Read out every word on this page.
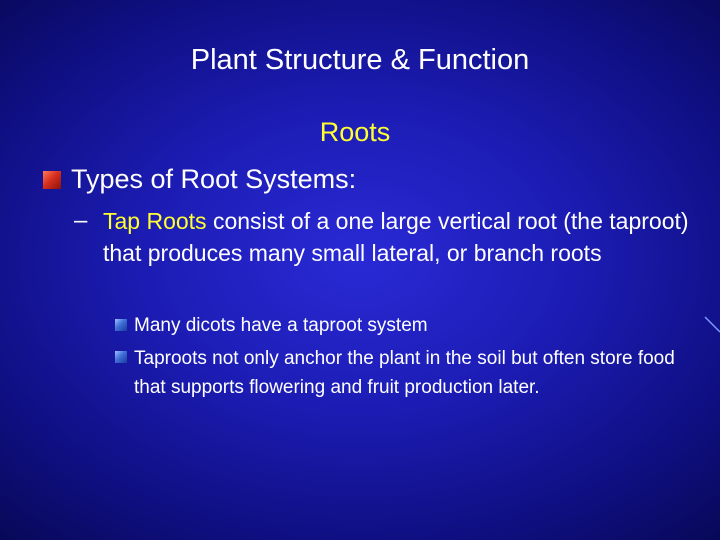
Plant Structure & Function
Roots
Types of Root Systems:
– Tap Roots consist of a one large vertical root (the taproot) that produces many small lateral, or branch roots
Many dicots have a taproot system
Taproots not only anchor the plant in the soil but often store food that supports flowering and fruit production later.
